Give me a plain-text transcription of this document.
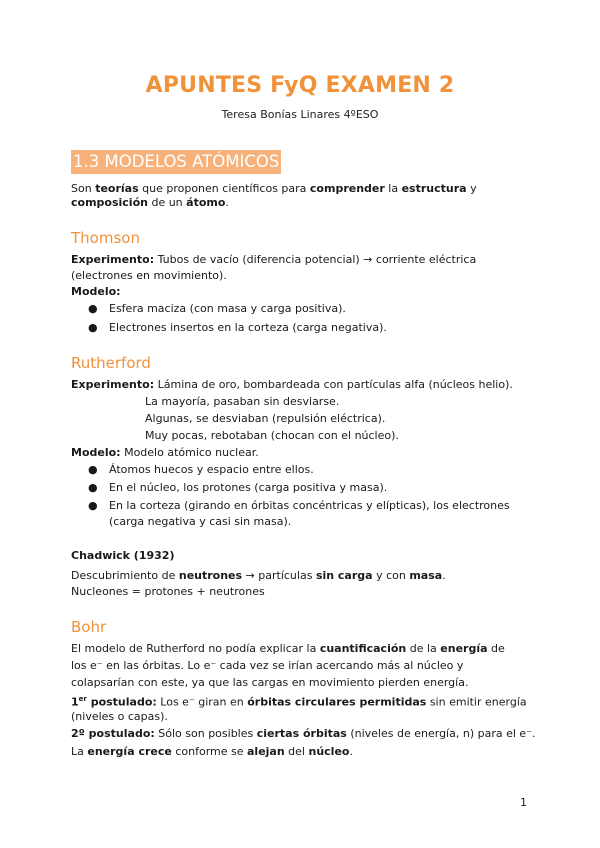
APUNTES FyQ EXAMEN 2
Teresa Bonías Linares 4ºESO
1.3 MODELOS ATÓMICOS
Son teorías que proponen científicos para comprender la estructura y
composición de un átomo.
Thomson
Experimento: Tubos de vacío (diferencia potencial) → corriente eléctrica
(electrones en movimiento).
Modelo:
● Esfera maciza (con masa y carga positiva).
● Electrones insertos en la corteza (carga negativa).
Rutherford
Experimento: Lámina de oro, bombardeada con partículas alfa (núcleos helio).
La mayoría, pasaban sin desviarse.
Algunas, se desviaban (repulsión eléctrica).
Muy pocas, rebotaban (chocan con el núcleo).
Modelo: Modelo atómico nuclear.
● Átomos huecos y espacio entre ellos.
● En el núcleo, los protones (carga positiva y masa).
● En la corteza (girando en órbitas concéntricas y elípticas), los electrones
(carga negativa y casi sin masa).
Chadwick (1932)
Descubrimiento de neutrones → partículas sin carga y con masa.
Nucleones = protones + neutrones
Bohr
El modelo de Rutherford no podía explicar la cuantificación de la energía de
los e⁻ en las órbitas. Lo e⁻ cada vez se irían acercando más al núcleo y
colapsarían con este, ya que las cargas en movimiento pierden energía.
1er postulado: Los e⁻ giran en órbitas circulares permitidas sin emitir energía
(niveles o capas).
2º postulado: Sólo son posibles ciertas órbitas (niveles de energía, n) para el e⁻.
La energía crece conforme se alejan del núcleo.
1
